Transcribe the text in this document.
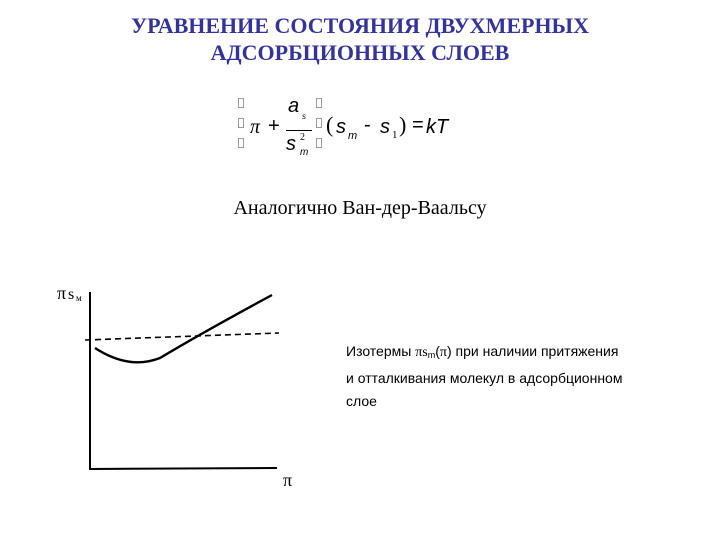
УРАВНЕНИЕ СОСТОЯНИЯ ДВУХМЕРНЫХ
АДСОРБЦИОННЫХ СЛОЕВ
π +
a s
s 2
m
( s m - s 1 ) = kT
Аналогично Ван-дер-Ваальсу
π s м
π
Изотермы πsm(π) при наличии притяжения
и отталкивания молекул в адсорбционном
слое
